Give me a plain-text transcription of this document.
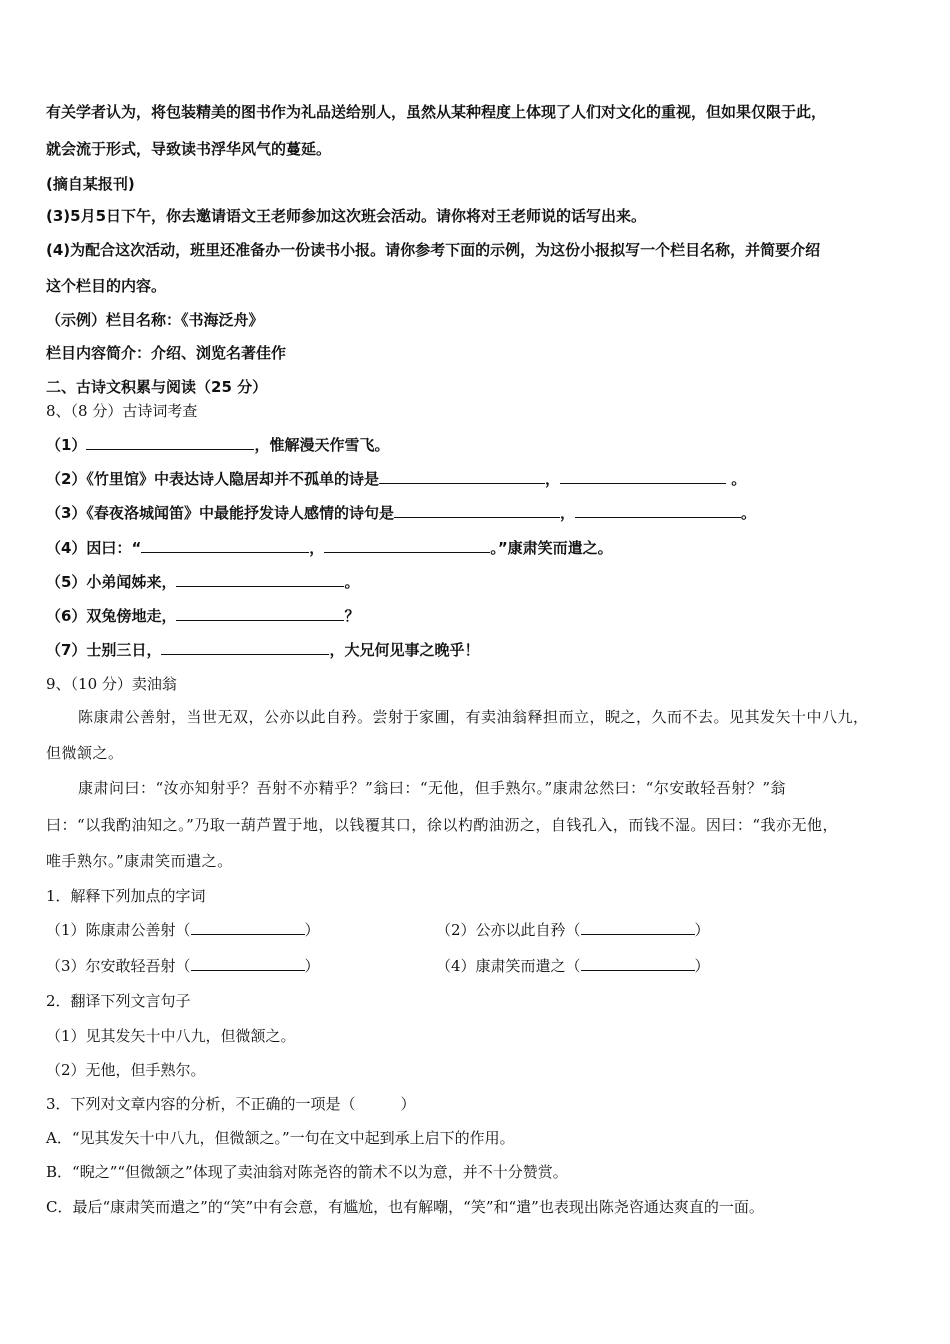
有关学者认为，将包装精美的图书作为礼品送给别人，虽然从某种程度上体现了人们对文化的重视，但如果仅限于此，
就会流于形式，导致读书浮华风气的蔓延。
(摘自某报刊)
(3)5月5日下午，你去邀请语文王老师参加这次班会活动。请你将对王老师说的话写出来。
(4)为配合这次活动，班里还准备办一份读书小报。请你参考下面的示例，为这份小报拟写一个栏目名称，并简要介绍
这个栏目的内容。
（示例）栏目名称：《书海泛舟》
栏目内容简介：介绍、浏览名著佳作
二、古诗文积累与阅读（25 分）
8、（8 分）古诗词考查
（1）	，惟解漫天作雪飞。
（2）《竹里馆》中表达诗人隐居却并不孤单的诗是	，	。
（3）《春夜洛城闻笛》中最能抒发诗人感情的诗句是	，	。
（4）因曰：“	，	。”康肃笑而遣之。
（5）小弟闻姊来，	。
（6）双兔傍地走，	？
（7）士别三日，	，大兄何见事之晚乎！
9、（10 分）卖油翁
陈康肃公善射，当世无双，公亦以此自矜。尝射于家圃，有卖油翁释担而立，睨之，久而不去。见其发矢十中八九，
但微颔之。
康肃问曰：“汝亦知射乎？吾射不亦精乎？”翁曰：“无他，但手熟尔。”康肃忿然曰：“尔安敢轻吾射？”翁
曰：“以我酌油知之。”乃取一葫芦置于地，以钱覆其口，徐以杓酌油沥之，自钱孔入，而钱不湿。因曰：“我亦无他，
唯手熟尔。”康肃笑而遣之。
1．解释下列加点的字词
（1）陈康肃公善射（	）	（2）公亦以此自矜（	）
（3）尔安敢轻吾射（	）	（4）康肃笑而遣之（	）
2．翻译下列文言句子
（1）见其发矢十中八九，但微颔之。
（2）无他，但手熟尔。
3．下列对文章内容的分析，不正确的一项是（　　　）
A．“见其发矢十中八九，但微颔之。”一句在文中起到承上启下的作用。
B．“睨之”“但微颔之”体现了卖油翁对陈尧咨的箭术不以为意，并不十分赞赏。
C．最后“康肃笑而遣之”的“笑”中有会意，有尴尬，也有解嘲，“笑”和“遣”也表现出陈尧咨通达爽直的一面。
